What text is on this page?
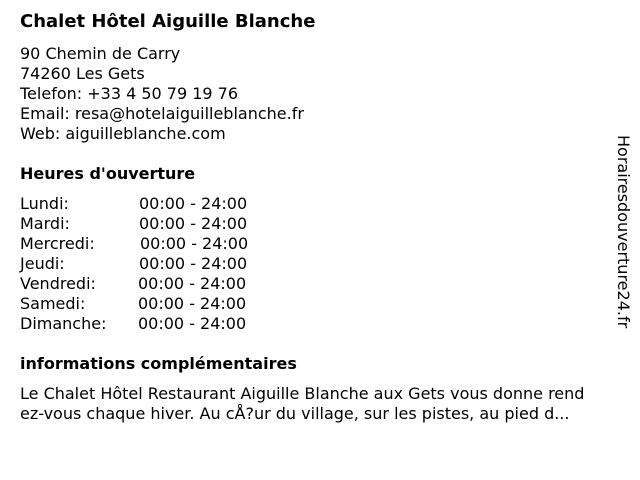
Chalet Hôtel Aiguille Blanche
90 Chemin de Carry
74260 Les Gets
Telefon: +33 4 50 79 19 76
Email: resa@hotelaiguilleblanche.fr
Web: aiguilleblanche.com
Heures d'ouverture
Lundi:	00:00 - 24:00
Mardi:	00:00 - 24:00
Mercredi:	00:00 - 24:00
Jeudi:	00:00 - 24:00
Vendredi:	00:00 - 24:00
Samedi:	00:00 - 24:00
Dimanche: 00:00 - 24:00
informations complémentaires
Le Chalet Hôtel Restaurant Aiguille Blanche aux Gets vous donne rend
ez-vous chaque hiver. Au cÅ?ur du village, sur les pistes, au pied d...
Horairesdouverture24.fr
